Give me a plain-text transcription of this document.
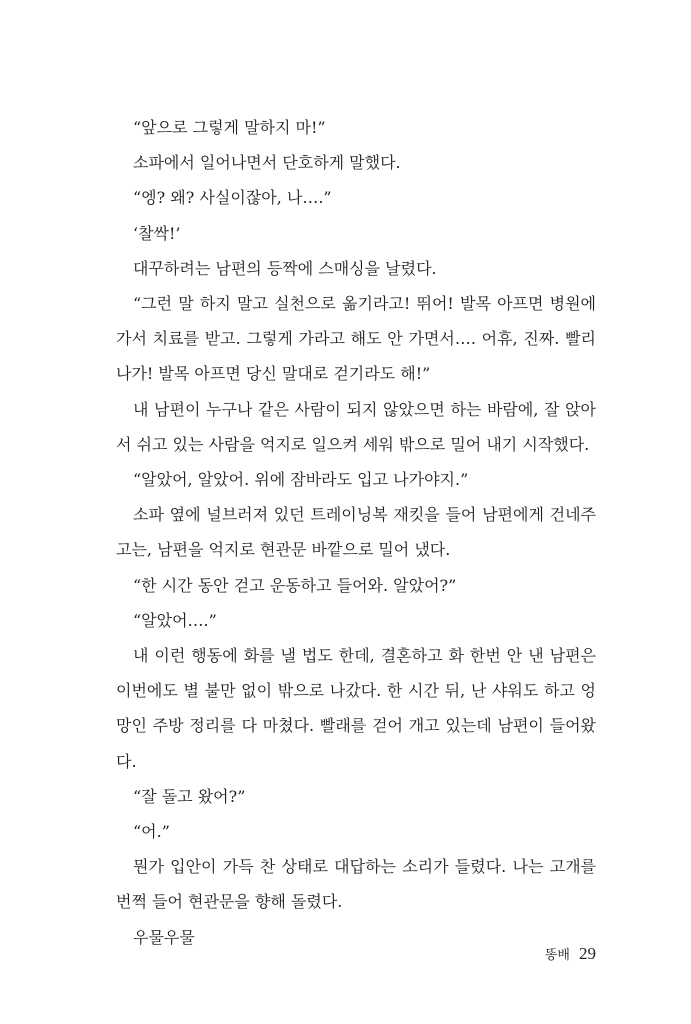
“앞으로 그렇게 말하지 마!”

소파에서 일어나면서 단호하게 말했다.

“엥? 왜? 사실이잖아, 나….”

‘찰싹!’

대꾸하려는 남편의 등짝에 스매싱을 날렸다.

“그런 말 하지 말고 실천으로 옮기라고! 뛰어! 발목 아프면 병원에 가서 치료를 받고. 그렇게 가라고 해도 안 가면서…. 어휴, 진짜. 빨리 나가! 발목 아프면 당신 말대로 걷기라도 해!”

내 남편이 누구나 같은 사람이 되지 않았으면 하는 바람에, 잘 앉아서 쉬고 있는 사람을 억지로 일으켜 세워 밖으로 밀어 내기 시작했다.

“알았어, 알았어. 위에 잠바라도 입고 나가야지.”

소파 옆에 널브러져 있던 트레이닝복 재킷을 들어 남편에게 건네주고는, 남편을 억지로 현관문 바깥으로 밀어 냈다.

“한 시간 동안 걷고 운동하고 들어와. 알았어?”

“알았어….”

내 이런 행동에 화를 낼 법도 한데, 결혼하고 화 한번 안 낸 남편은 이번에도 별 불만 없이 밖으로 나갔다. 한 시간 뒤, 난 샤워도 하고 엉망인 주방 정리를 다 마쳤다. 빨래를 걷어 개고 있는데 남편이 들어왔다.

“잘 돌고 왔어?”

“어.”

뭔가 입안이 가득 찬 상태로 대답하는 소리가 들렸다. 나는 고개를 번쩍 들어 현관문을 향해 돌렸다.

우물우물

똥배 29
